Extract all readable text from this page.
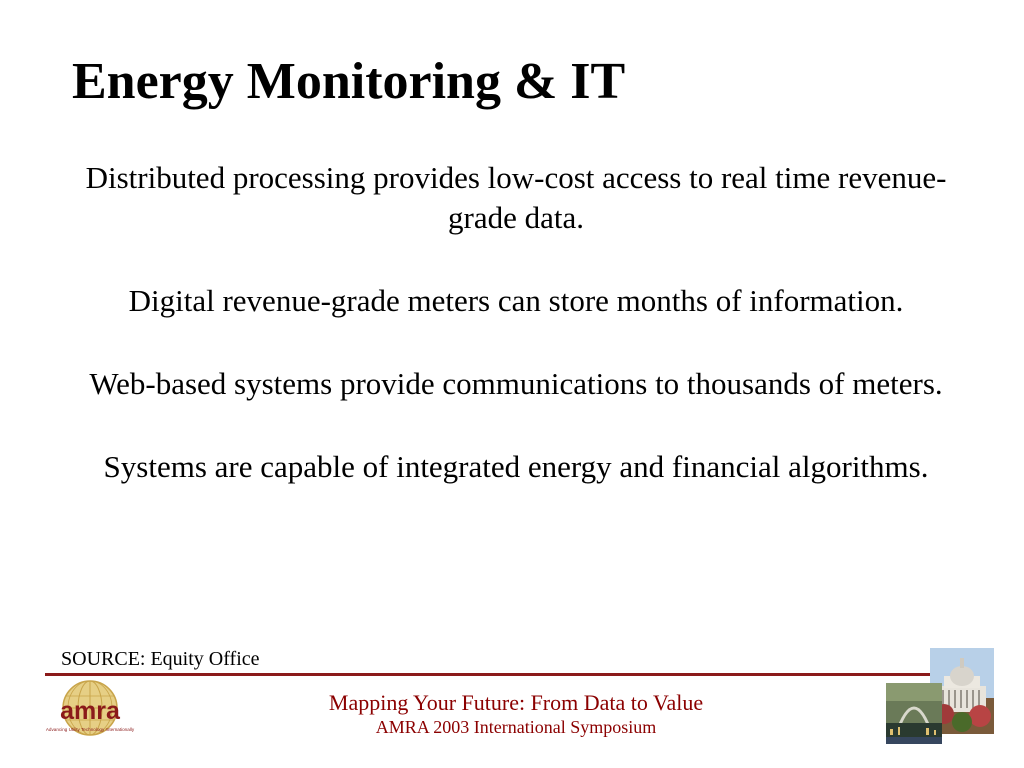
Energy Monitoring & IT

Distributed processing provides low-cost access to real time revenue-grade data.

Digital revenue-grade meters can store months of information.

Web-based systems provide communications to thousands of meters.

Systems are capable of integrated energy and financial algorithms.

SOURCE: Equity Office
amra
Advancing Utility Technology Internationally
Mapping Your Future: From Data to Value
AMRA 2003 International Symposium
